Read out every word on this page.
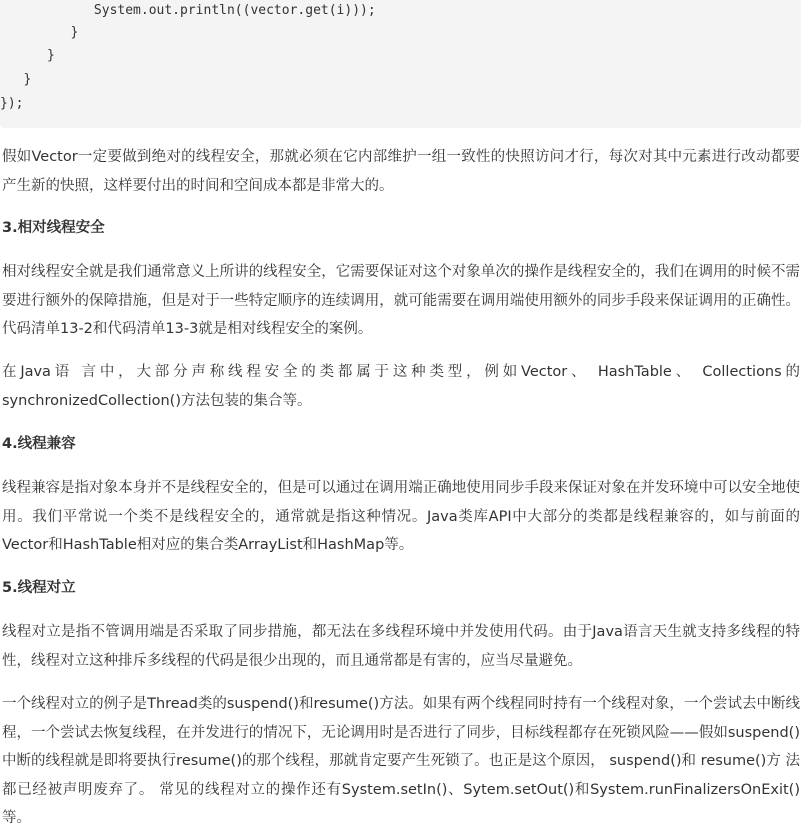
System.out.println((vector.get(i)));
}
}
}
});

假如Vector一定要做到绝对的线程安全，那就必须在它内部维护一组一致性的快照访问才行，每次对其中元素进行改动都要产生新的快照，这样要付出的时间和空间成本都是非常大的。

3.相对线程安全

相对线程安全就是我们通常意义上所讲的线程安全，它需要保证对这个对象单次的操作是线程安全的，我们在调用的时候不需要进行额外的保障措施，但是对于一些特定顺序的连续调用，就可能需要在调用端使用额外的同步手段来保证调用的正确性。代码清单13-2和代码清单13-3就是相对线程安全的案例。

在Java语 言中，大部分声称线程安全的类都属于这种类型，例如Vector、 HashTable、 Collections的synchronizedCollection()方法包装的集合等。

4.线程兼容

线程兼容是指对象本身并不是线程安全的，但是可以通过在调用端正确地使用同步手段来保证对象在并发环境中可以安全地使用。我们平常说一个类不是线程安全的，通常就是指这种情况。Java类库API中大部分的类都是线程兼容的，如与前面的Vector和HashTable相对应的集合类ArrayList和HashMap等。

5.线程对立

线程对立是指不管调用端是否采取了同步措施，都无法在多线程环境中并发使用代码。由于Java语言天生就支持多线程的特性，线程对立这种排斥多线程的代码是很少出现的，而且通常都是有害的，应当尽量避免。

一个线程对立的例子是Thread类的suspend()和resume()方法。如果有两个线程同时持有一个线程对象，一个尝试去中断线程，一个尝试去恢复线程，在并发进行的情况下，无论调用时是否进行了同步，目标线程都存在死锁风险——假如suspend()中断的线程就是即将要执行resume()的那个线程，那就肯定要产生死锁了。也正是这个原因， suspend()和 resume()方 法都已经被声明废弃了。 常见的线程对立的操作还有System.setIn()、Sytem.setOut()和System.runFinalizersOnExit()等。
